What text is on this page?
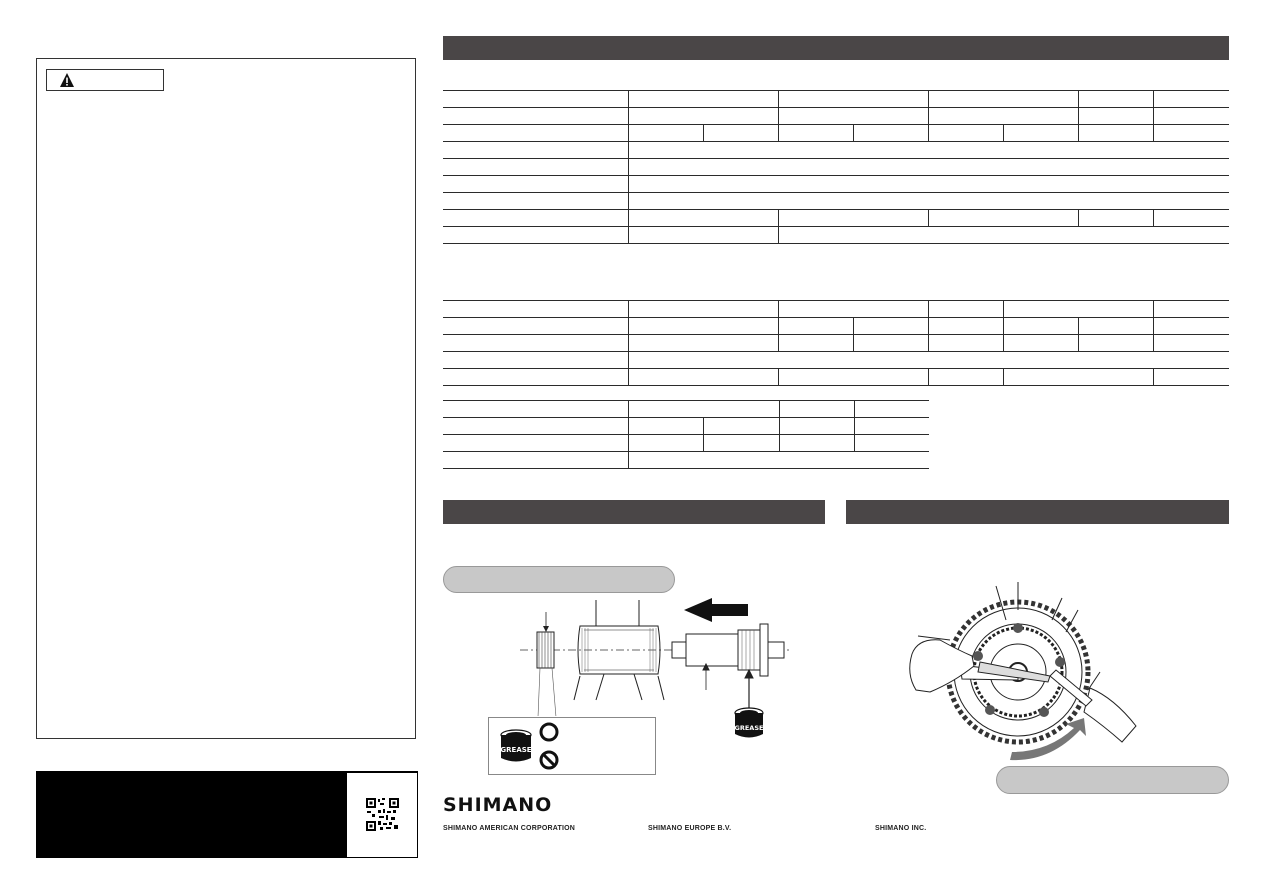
GREASE
GREASE
SHIMANO
SHIMANO AMERICAN CORPORATION	SHIMANO EUROPE B.V.	SHIMANO INC.
